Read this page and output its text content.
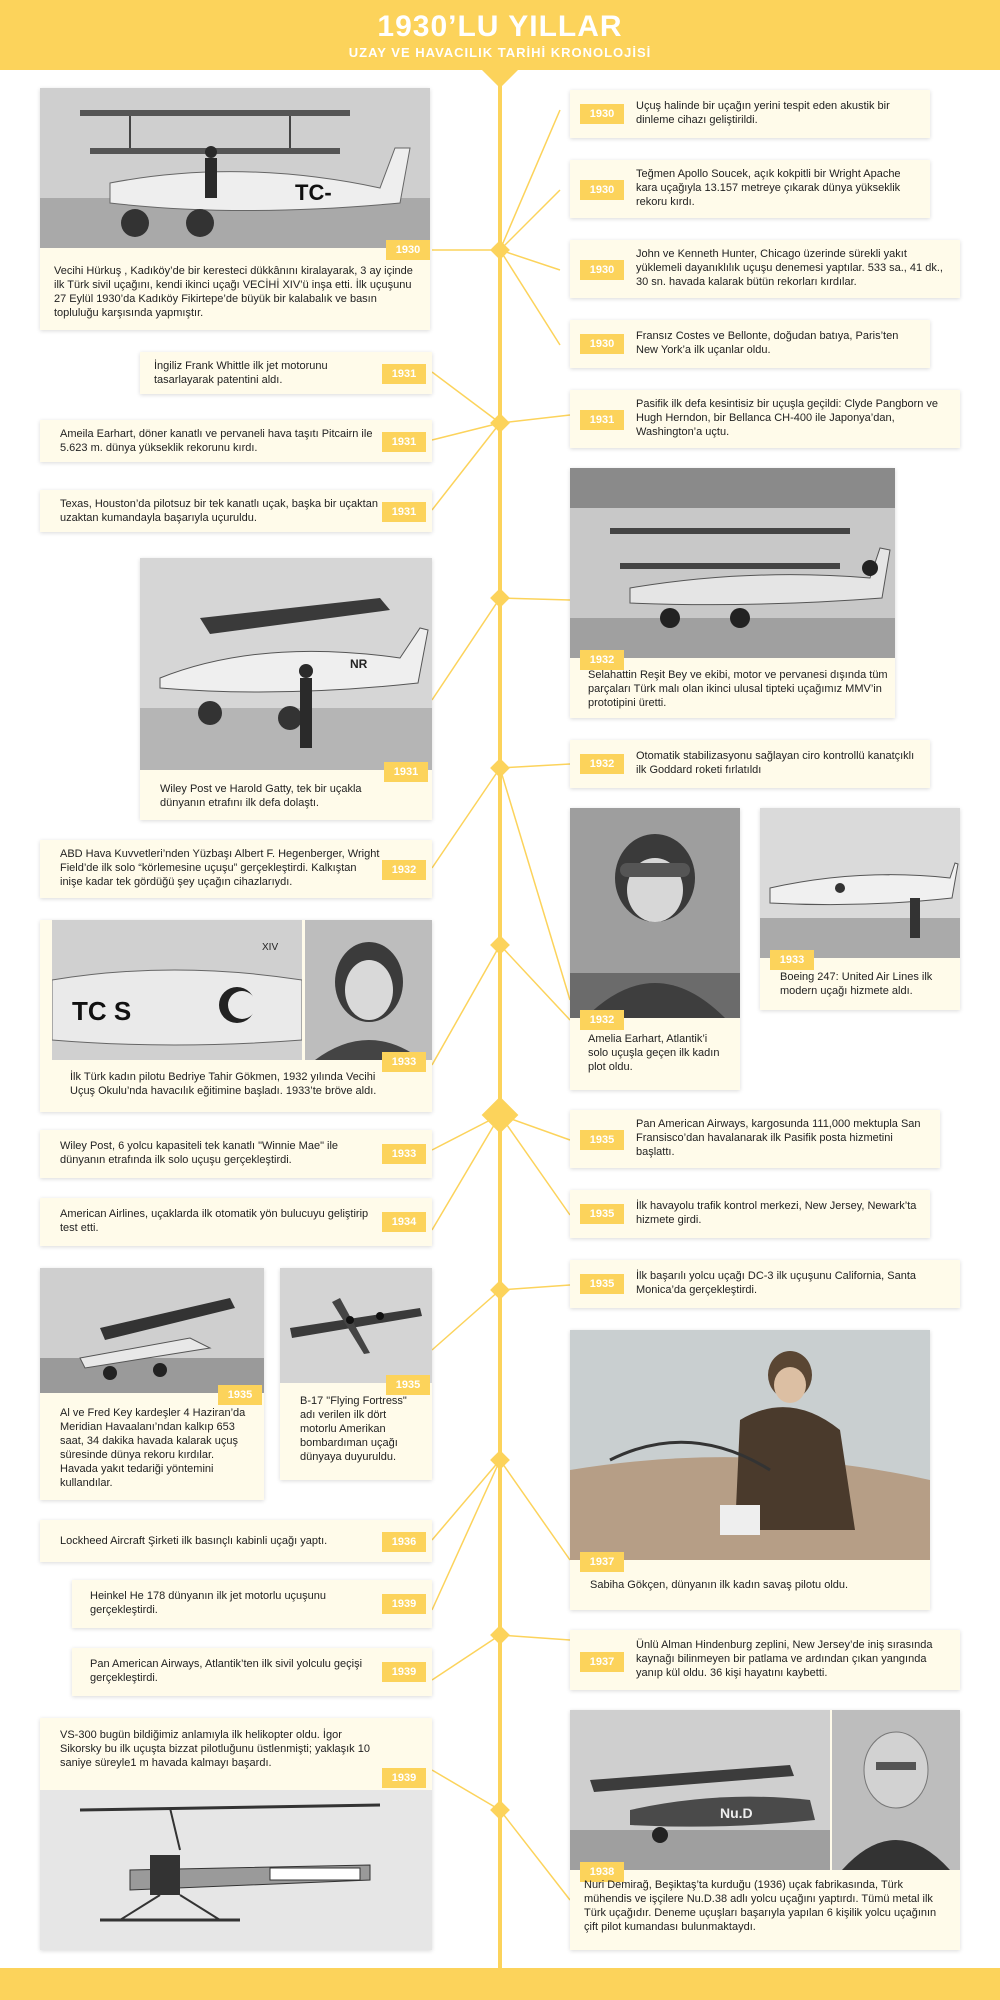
1930’LU YILLAR
UZAY VE HAVACILIK TARİHİ KRONOLOJİSİ
TC-
1930
Vecihi Hürkuş , Kadıköy’de bir keresteci dükkânını kiralayarak, 3 ay içinde ilk Türk sivil uçağını, kendi ikinci uçağı VECİHİ XIV’ü inşa etti. İlk uçuşunu 27 Eylül 1930’da Kadıköy Fikirtepe’de büyük bir kalabalık ve basın topluluğu karşısında yapmıştır.
İngiliz Frank Whittle ilk jet motorunu tasarlayarak patentini aldı.	1931
Ameila Earhart, döner kanatlı ve pervaneli hava taşıtı Pitcairn ile 5.623 m. dünya yükseklik rekorunu kırdı.	1931
Texas, Houston’da pilotsuz bir tek kanatlı uçak, başka bir uçaktan uzaktan kumandayla başarıyla uçuruldu.	1931
NR
1931
Wiley Post ve Harold Gatty, tek bir uçakla dünyanın etrafını ilk defa dolaştı.
ABD Hava Kuvvetleri’nden Yüzbaşı Albert F. Hegenberger, Wright Field’de ilk solo “körlemesine uçuşu” gerçekleştirdi. Kalkıştan inişe kadar tek gördüğü şey uçağın cihazlarıydı.
1932
TC S
XIV
1933
İlk Türk kadın pilotu Bedriye Tahir Gökmen, 1932 yılında Vecihi Uçuş Okulu’nda havacılık eğitimine başladı. 1933’te bröve aldı.
Wiley Post, 6 yolcu kapasiteli tek kanatlı "Winnie Mae" ile dünyanın etrafında ilk solo uçuşu gerçekleştirdi.	1933
American Airlines, uçaklarda ilk otomatik yön bulucuyu geliştirip test etti.	1934
1935
Al ve Fred Key kardeşler 4 Haziran’da Meridian Havaalanı’ndan kalkıp 653 saat, 34 dakika havada kalarak uçuş süresinde dünya rekoru kırdılar. Havada yakıt tedariği yöntemini kullandılar.
1935
B-17 "Flying Fortress" adı verilen ilk dört motorlu Amerikan bombardıman uçağı dünyaya duyuruldu.
Lockheed Aircraft Şirketi ilk basınçlı kabinli uçağı yaptı.	1936
Heinkel He 178 dünyanın ilk jet motorlu uçuşunu gerçekleştirdi.	1939
Pan American Airways, Atlantik’ten ilk sivil yolculu geçişi gerçekleştirdi.	1939
VS-300 bugün bildiğimiz anlamıyla ilk helikopter oldu. İgor Sikorsky bu ilk uçuşta bizzat pilotluğunu üstlenmişti; yaklaşık 10 saniye süreyle1 m havada kalmayı başardı.
1939
1930
Uçuş halinde bir uçağın yerini tespit eden akustik bir dinleme cihazı geliştirildi.
1930
Teğmen Apollo Soucek, açık kokpitli bir Wright Apache kara uçağıyla 13.157 metreye çıkarak dünya yükseklik rekoru kırdı.
1930
John ve Kenneth Hunter, Chicago üzerinde sürekli yakıt yüklemeli dayanıklılık uçuşu denemesi yaptılar. 533 sa., 41 dk., 30 sn. havada kalarak bütün rekorları kırdılar.
1930
Fransız Costes ve Bellonte, doğudan batıya, Paris’ten New York’a ilk uçanlar oldu.
1931
Pasifik ilk defa kesintisiz bir uçuşla geçildi: Clyde Pangborn ve Hugh Herndon, bir Bellanca CH-400 ile Japonya’dan, Washington’a uçtu.
1932
Selahattin Reşit Bey ve ekibi, motor ve pervanesi dışında tüm parçaları Türk malı olan ikinci ulusal tipteki uçağımız MMV’in prototipini üretti.
1932
Otomatik stabilizasyonu sağlayan ciro kontrollü kanatçıklı ilk Goddard roketi fırlatıldı
1932
Amelia Earhart, Atlantik’i solo uçuşla geçen ilk kadın plot oldu.
1933
Boeing 247: United Air Lines ilk modern uçağı hizmete aldı.
1935
Pan American Airways, kargosunda 111,000 mektupla San Fransisco’dan havalanarak ilk Pasifik posta hizmetini başlattı.
1935
İlk havayolu trafik kontrol merkezi, New Jersey, Newark’ta hizmete girdi.
1935
İlk başarılı yolcu uçağı DC-3 ilk uçuşunu California, Santa Monica’da gerçekleştirdi.
1937
Sabiha Gökçen, dünyanın ilk kadın savaş pilotu oldu.
1937
Ünlü Alman Hindenburg zeplini, New Jersey’de iniş sırasında kaynağı bilinmeyen bir patlama ve ardından çıkan yangında yanıp kül oldu. 36 kişi hayatını kaybetti.
Nu.D
1938
Nuri Demirağ, Beşiktaş’ta kurduğu (1936) uçak fabrikasında, Türk mühendis ve işçilere Nu.D.38 adlı yolcu uçağını yaptırdı. Tümü metal ilk Türk uçağıdır. Deneme uçuşları başarıyla yapılan 6 kişilik yolcu uçağının çift pilot kumandası bulunmaktaydı.
